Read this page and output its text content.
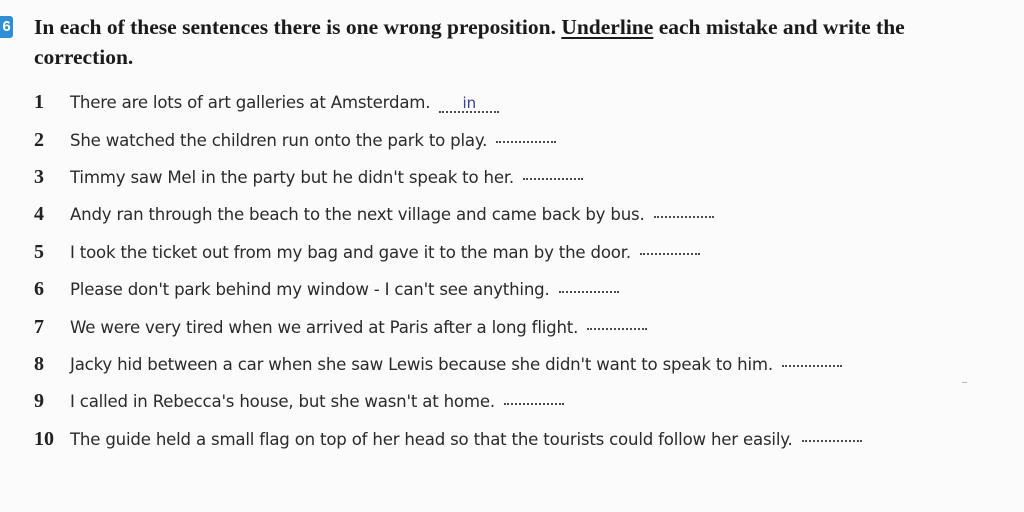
6 In each of these sentences there is one wrong preposition. Underline each mistake and write the correction.

1	There are lots of art galleries at Amsterdam.	in
2	She watched the children run onto the park to play.
3	Timmy saw Mel in the party but he didn't speak to her.
4	Andy ran through the beach to the next village and came back by bus.
5	I took the ticket out from my bag and gave it to the man by the door.
6	Please don't park behind my window - I can't see anything.
7	We were very tired when we arrived at Paris after a long flight.
8	Jacky hid between a car when she saw Lewis because she didn't want to speak to him.
9	I called in Rebecca's house, but she wasn't at home.
10 The guide held a small flag on top of her head so that the tourists could follow her easily.
